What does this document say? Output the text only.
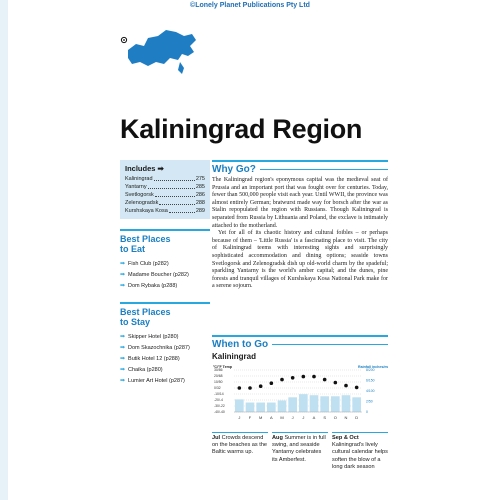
©Lonely Planet Publications Pty Ltd
Kaliningrad Region
Includes ➡
Kaliningrad	275
Yantarny	285
Svetlogorsk	286
Zelenogradsk	288
Kurshskaya Kosa	289
Best Places
to Eat
➡ Fish Club (p282)
➡ Madame Boucher (p282)
➡ Dom Rybaka (p288)
Best Places
to Stay
➡ Skipper Hotel (p280)
➡ Dom Skazochnika (p287)
➡ Butik Hotel 12 (p288)
➡ Chaika (p280)
➡ Lumier Art Hotel (p287)
Why Go?

The Kaliningrad region's eponymous capital was the medieval seat of Prussia and an important port that was fought over for centuries. Today, fewer than 500,000 people visit each year. Until WWII, the province was almost entirely German; bratwurst made way for borsch after the war as Stalin repopulated the region with Russians. Though Kaliningrad is separated from Russia by Lithuania and Poland, the exclave is intimately attached to the motherland.

Yet for all of its chaotic history and cultural foibles – or perhaps because of them – 'Little Russia' is a fascinating place to visit. The city of Kaliningrad teems with interesting sights and surprisingly sophisticated accommodation and dining options; seaside towns Svetlogorsk and Zelenogradsk dish up old-world charm by the spadeful; sparkling Yantarny is the world's amber capital; and the dunes, pine forests and tranquil villages of Kurshskaya Kosa National Park make for a serene sojourn.

When to Go
Kaliningrad
°C/°F Temp	Rainfall inches/mm
30/86
20/68
10/50
0/32
-10/14
-20/-4
-30/-22
-40/-40
8/200
6/150
4/100
2/50
0
J F M A M J J A S O N D
Jul Crowds descend on the beaches as the Baltic warms up.
Aug Summer is in full swing, and seaside Yantarny celebrates its Amberfest.
Sep & Oct Kaliningrad's lively cultural calendar helps soften the blow of a long dark season
